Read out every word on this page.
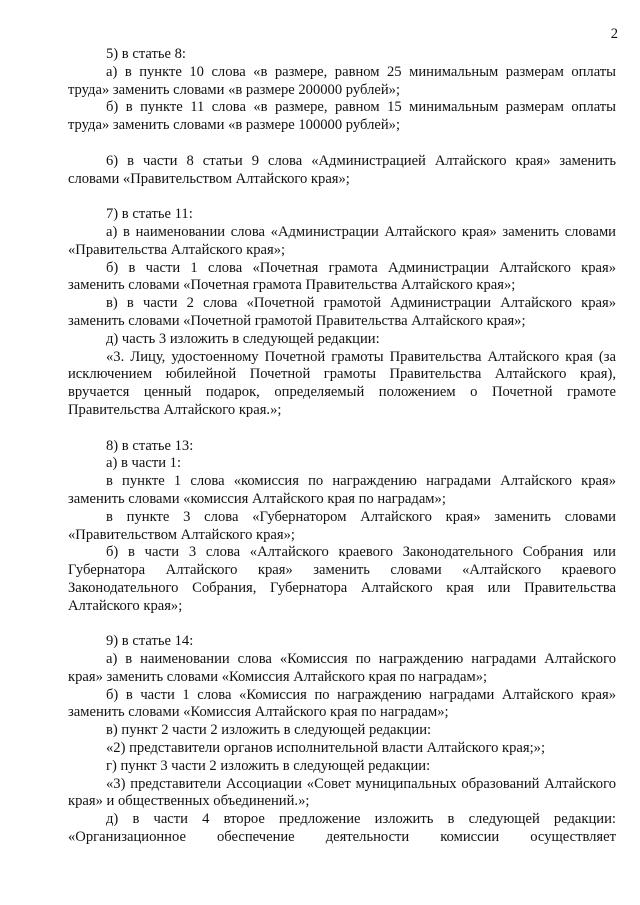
2

5) в статье 8:

а) в пункте 10 слова «в размере, равном 25 минимальным размерам оплаты труда» заменить словами «в размере 200000 рублей»;

б) в пункте 11 слова «в размере, равном 15 минимальным размерам оплаты труда» заменить словами «в размере 100000 рублей»;

6) в части 8 статьи 9 слова «Администрацией Алтайского края» заменить словами «Правительством Алтайского края»;

7) в статье 11:

а) в наименовании слова «Администрации Алтайского края» заменить словами «Правительства Алтайского края»;

б) в части 1 слова «Почетная грамота Администрации Алтайского края» заменить словами «Почетная грамота Правительства Алтайского края»;

в) в части 2 слова «Почетной грамотой Администрации Алтайского края» заменить словами «Почетной грамотой Правительства Алтайского края»;

д) часть 3 изложить в следующей редакции:

«3. Лицу, удостоенному Почетной грамоты Правительства Алтайского края (за исключением юбилейной Почетной грамоты Правительства Алтайского края), вручается ценный подарок, определяемый положением о Почетной грамоте Правительства Алтайского края.»;

8) в статье 13:

а) в части 1:

в пункте 1 слова «комиссия по награждению наградами Алтайского края» заменить словами «комиссия Алтайского края по наградам»;

в пункте 3 слова «Губернатором Алтайского края» заменить словами «Правительством Алтайского края»;

б) в части 3 слова «Алтайского краевого Законодательного Собрания или Губернатора Алтайского края» заменить словами «Алтайского краевого Законодательного Собрания, Губернатора Алтайского края или Правительства Алтайского края»;

9) в статье 14:

а) в наименовании слова «Комиссия по награждению наградами Алтайского края» заменить словами «Комиссия Алтайского края по наградам»;

б) в части 1 слова «Комиссия по награждению наградами Алтайского края» заменить словами «Комиссия Алтайского края по наградам»;

в) пункт 2 части 2 изложить в следующей редакции:

«2) представители органов исполнительной власти Алтайского края;»;

г) пункт 3 части 2 изложить в следующей редакции:

«3) представители Ассоциации «Совет муниципальных образований Алтайского края» и общественных объединений.»;

д) в части 4 второе предложение изложить в следующей редакции: «Организационное обеспечение деятельности комиссии осуществляет
